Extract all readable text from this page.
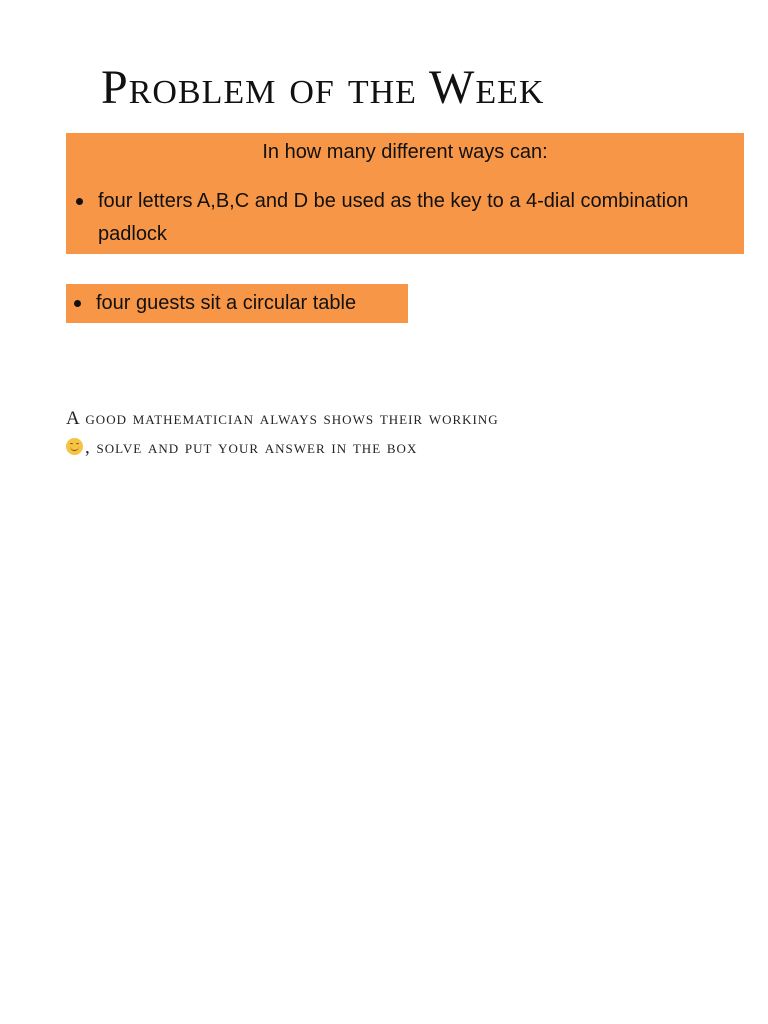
Problem of the Week
In how many different ways can:
four letters A,B,C and D be used as the key to a 4-dial combination padlock
four guests sit a circular table

A good mathematician always shows their working

, solve and put your answer in the box
